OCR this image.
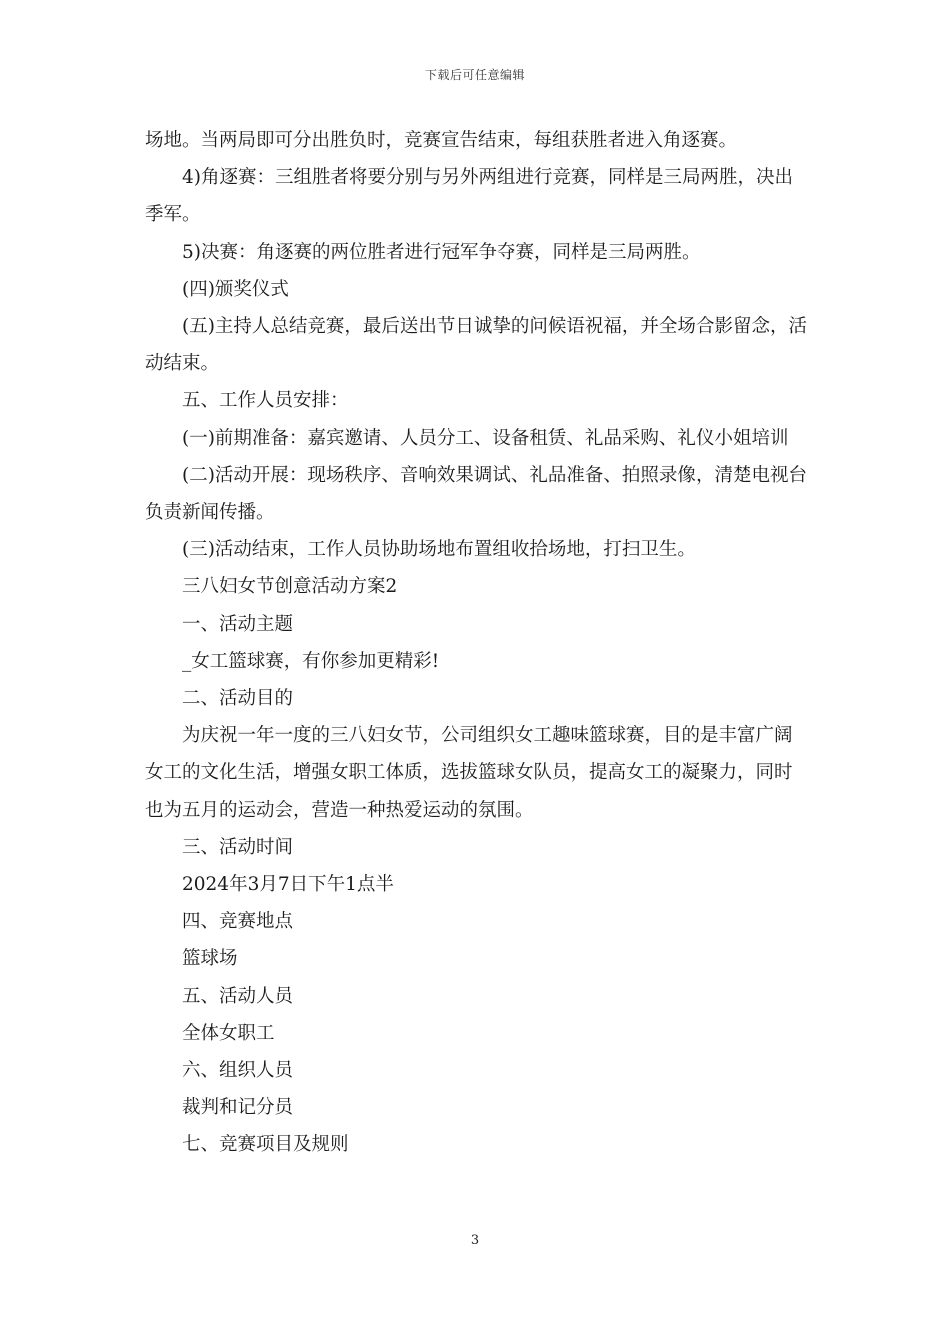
下载后可任意编辑

场地。当两局即可分出胜负时，竞赛宣告结束，每组获胜者进入角逐赛。

4)角逐赛：三组胜者将要分别与另外两组进行竞赛，同样是三局两胜，决出季军。

5)决赛：角逐赛的两位胜者进行冠军争夺赛，同样是三局两胜。

(四)颁奖仪式

(五)主持人总结竞赛，最后送出节日诚挚的问候语祝福，并全场合影留念，活动结束。

五、工作人员安排：

(一)前期准备：嘉宾邀请、人员分工、设备租赁、礼品采购、礼仪小姐培训

(二)活动开展：现场秩序、音响效果调试、礼品准备、拍照录像，清楚电视台负责新闻传播。

(三)活动结束，工作人员协助场地布置组收拾场地，打扫卫生。

三八妇女节创意活动方案2

一、活动主题

_女工篮球赛，有你参加更精彩!

二、活动目的

为庆祝一年一度的三八妇女节，公司组织女工趣味篮球赛，目的是丰富广阔女工的文化生活，增强女职工体质，选拔篮球女队员，提高女工的凝聚力，同时也为五月的运动会，营造一种热爱运动的氛围。

三、活动时间

2024年3月7日下午1点半

四、竞赛地点

篮球场

五、活动人员

全体女职工

六、组织人员

裁判和记分员

七、竞赛项目及规则

3
